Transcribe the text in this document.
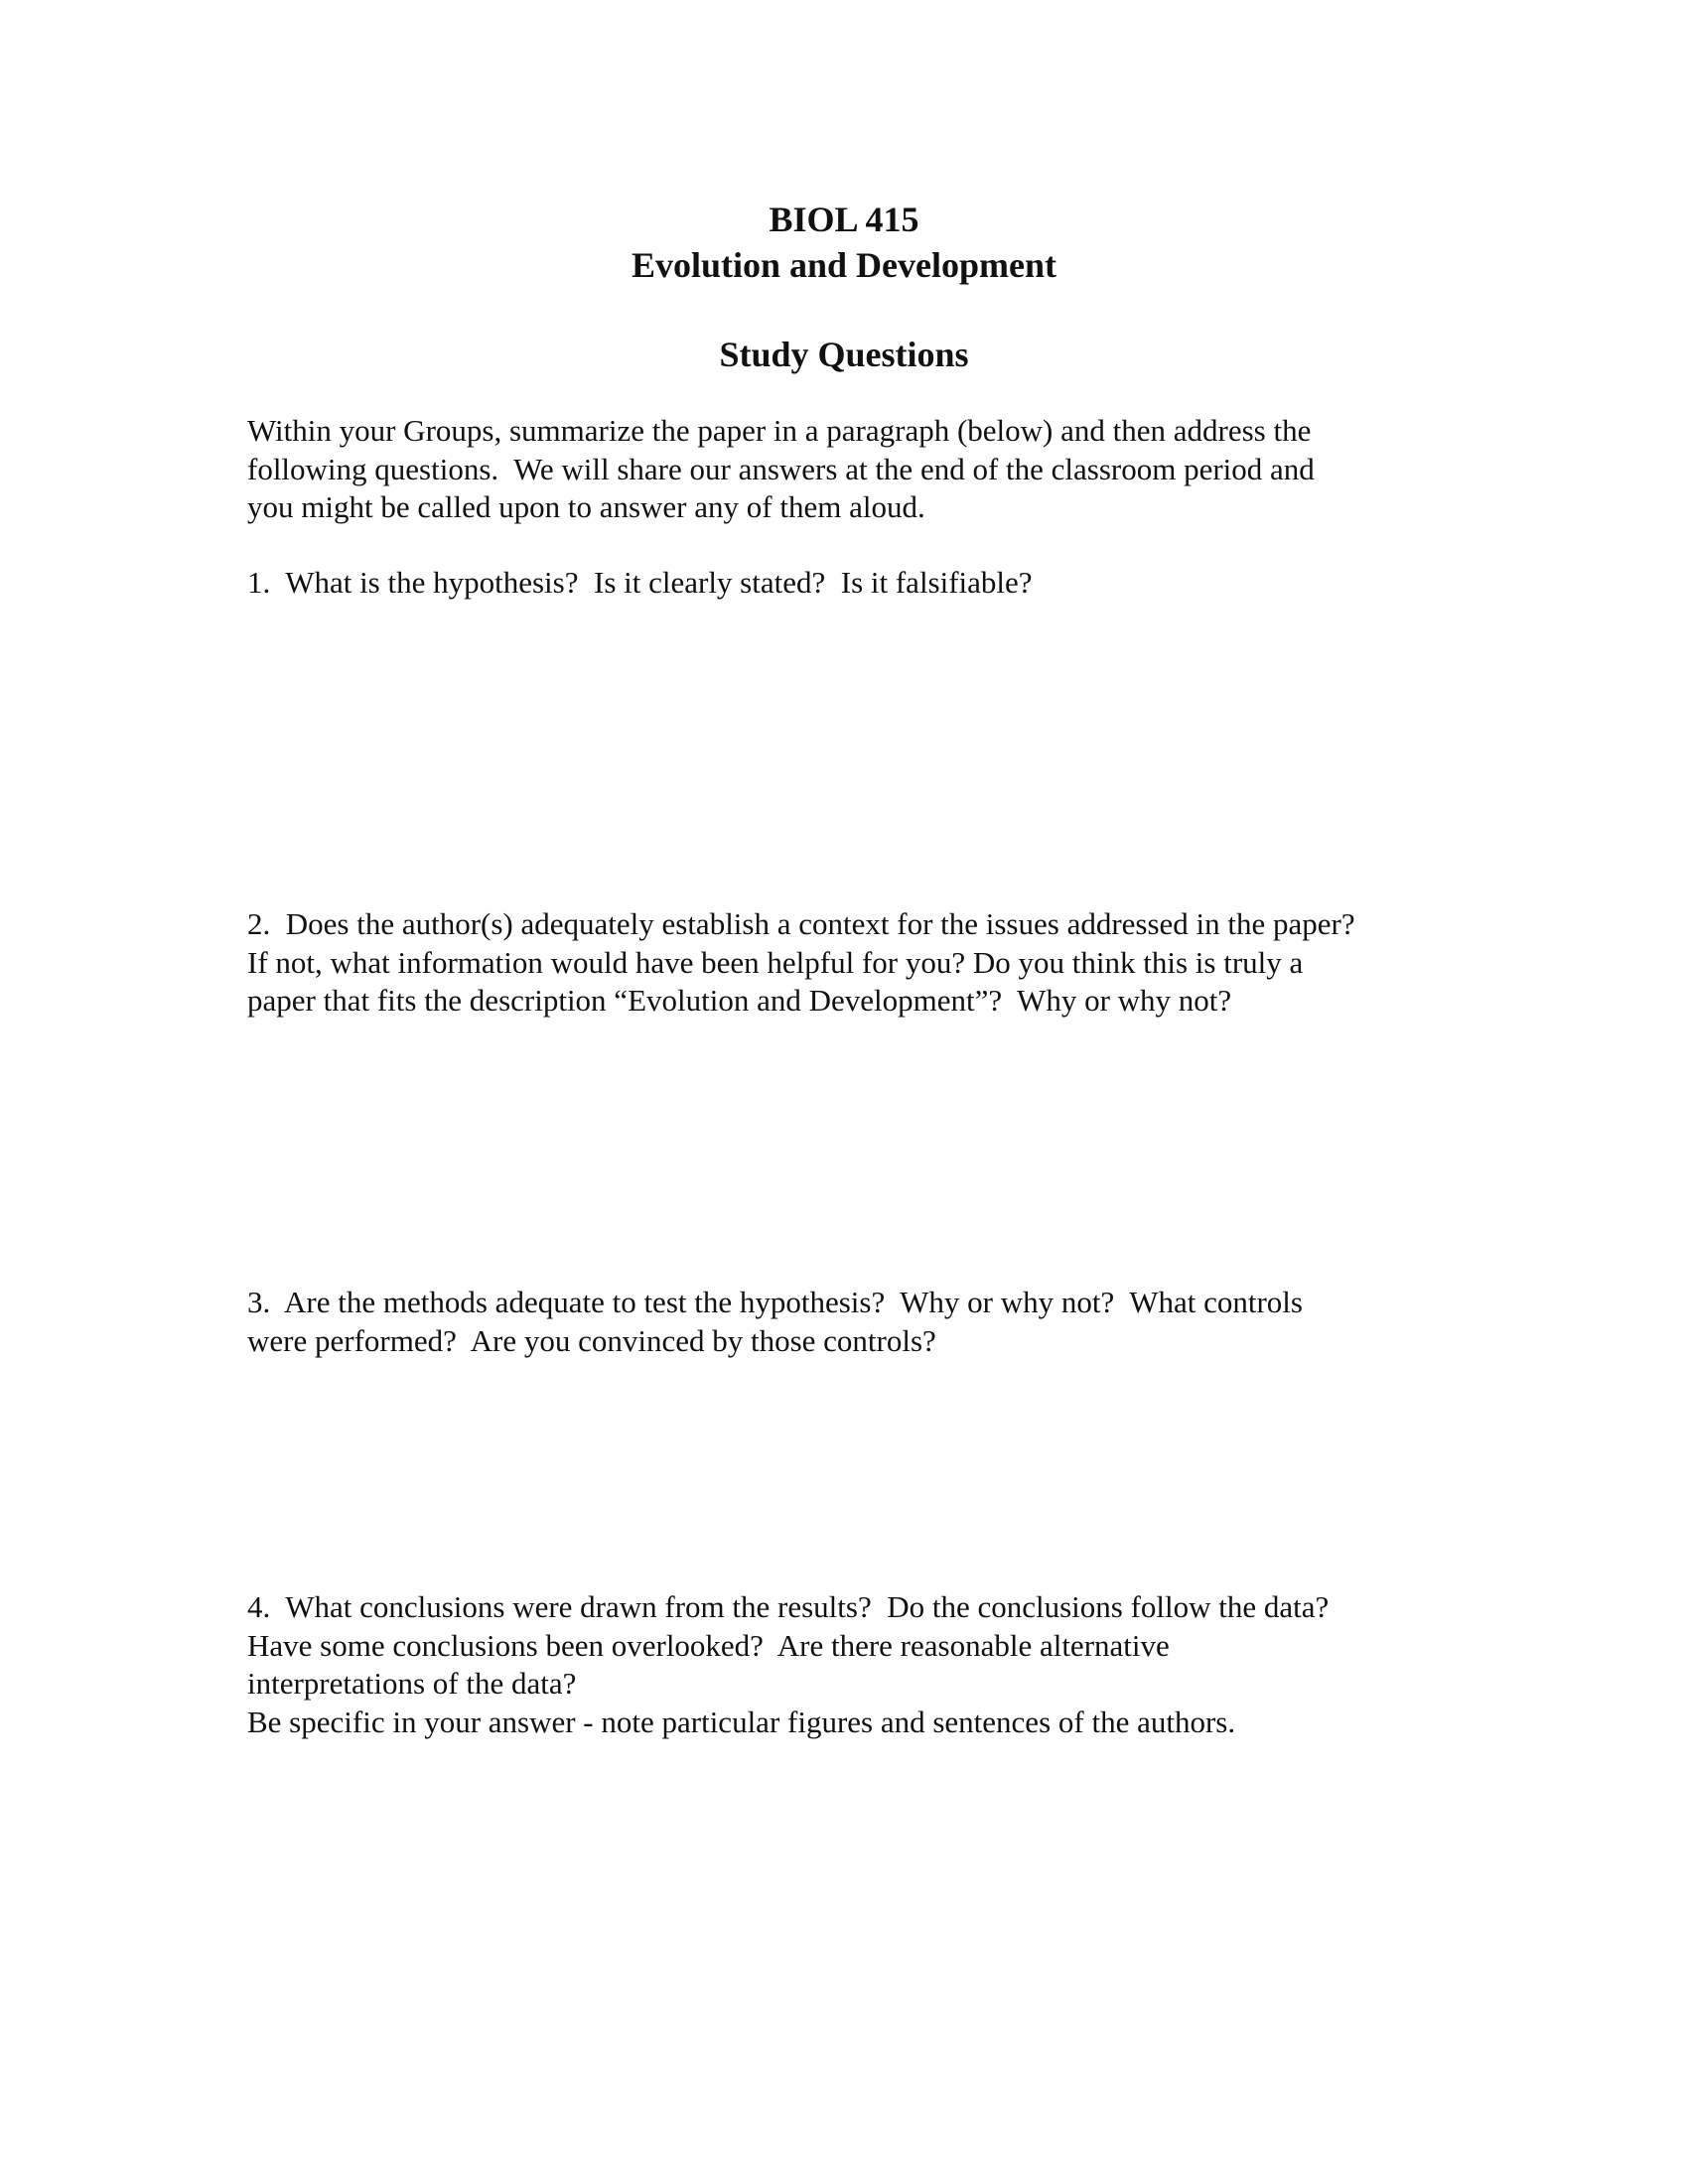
BIOL 415
Evolution and Development
Study Questions
Within your Groups, summarize the paper in a paragraph (below) and then address the
following questions.  We will share our answers at the end of the classroom period and
you might be called upon to answer any of them aloud.
1.  What is the hypothesis?  Is it clearly stated?  Is it falsifiable?
2.  Does the author(s) adequately establish a context for the issues addressed in the paper?
If not, what information would have been helpful for you? Do you think this is truly a
paper that fits the description “Evolution and Development”?  Why or why not?
3.  Are the methods adequate to test the hypothesis?  Why or why not?  What controls
were performed?  Are you convinced by those controls?
4.  What conclusions were drawn from the results?  Do the conclusions follow the data?
Have some conclusions been overlooked?  Are there reasonable alternative
interpretations of the data?
Be specific in your answer - note particular figures and sentences of the authors.
